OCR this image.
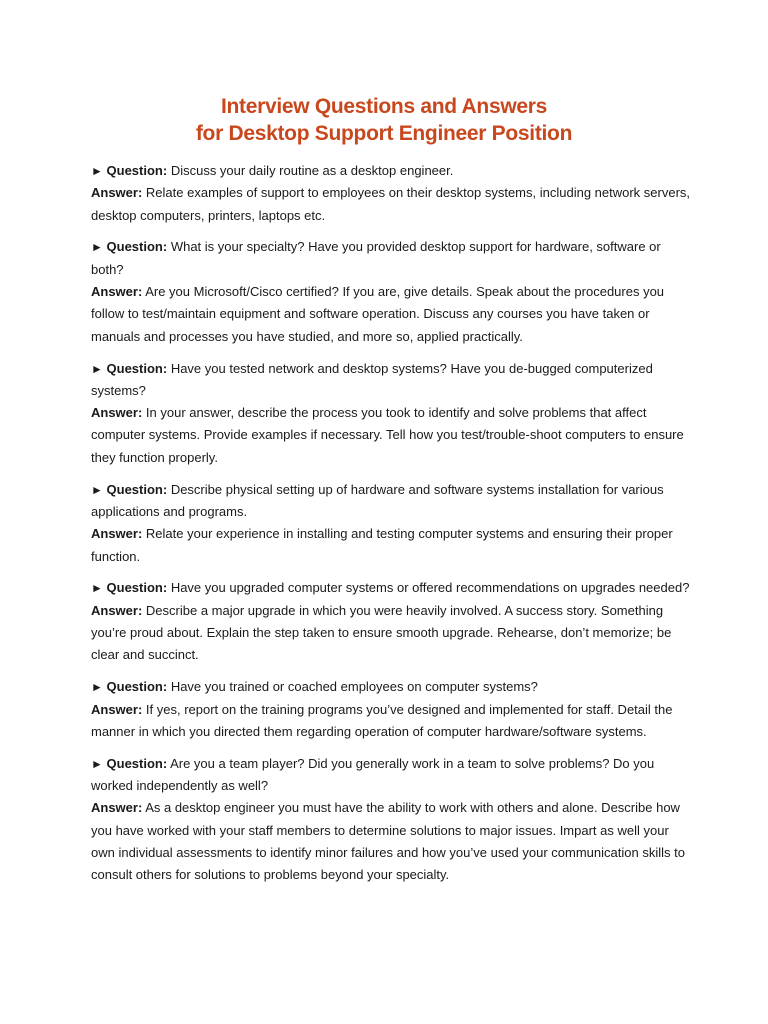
Interview Questions and Answers
for Desktop Support Engineer Position
► Question: Discuss your daily routine as a desktop engineer.
Answer: Relate examples of support to employees on their desktop systems, including network servers, desktop computers, printers, laptops etc.
► Question: What is your specialty? Have you provided desktop support for hardware, software or both?
Answer: Are you Microsoft/Cisco certified? If you are, give details. Speak about the procedures you follow to test/maintain equipment and software operation. Discuss any courses you have taken or manuals and processes you have studied, and more so, applied practically.
► Question: Have you tested network and desktop systems? Have you de-bugged computerized systems?
Answer: In your answer, describe the process you took to identify and solve problems that affect computer systems. Provide examples if necessary. Tell how you test/trouble-shoot computers to ensure they function properly.
► Question: Describe physical setting up of hardware and software systems installation for various applications and programs.
Answer: Relate your experience in installing and testing computer systems and ensuring their proper function.
► Question: Have you upgraded computer systems or offered recommendations on upgrades needed?
Answer: Describe a major upgrade in which you were heavily involved. A success story. Something you’re proud about. Explain the step taken to ensure smooth upgrade. Rehearse, don’t memorize; be clear and succinct.
► Question: Have you trained or coached employees on computer systems?
Answer: If yes, report on the training programs you’ve designed and implemented for staff. Detail the manner in which you directed them regarding operation of computer hardware/software systems.
► Question: Are you a team player? Did you generally work in a team to solve problems? Do you worked independently as well?
Answer: As a desktop engineer you must have the ability to work with others and alone. Describe how you have worked with your staff members to determine solutions to major issues. Impart as well your own individual assessments to identify minor failures and how you’ve used your communication skills to consult others for solutions to problems beyond your specialty.
